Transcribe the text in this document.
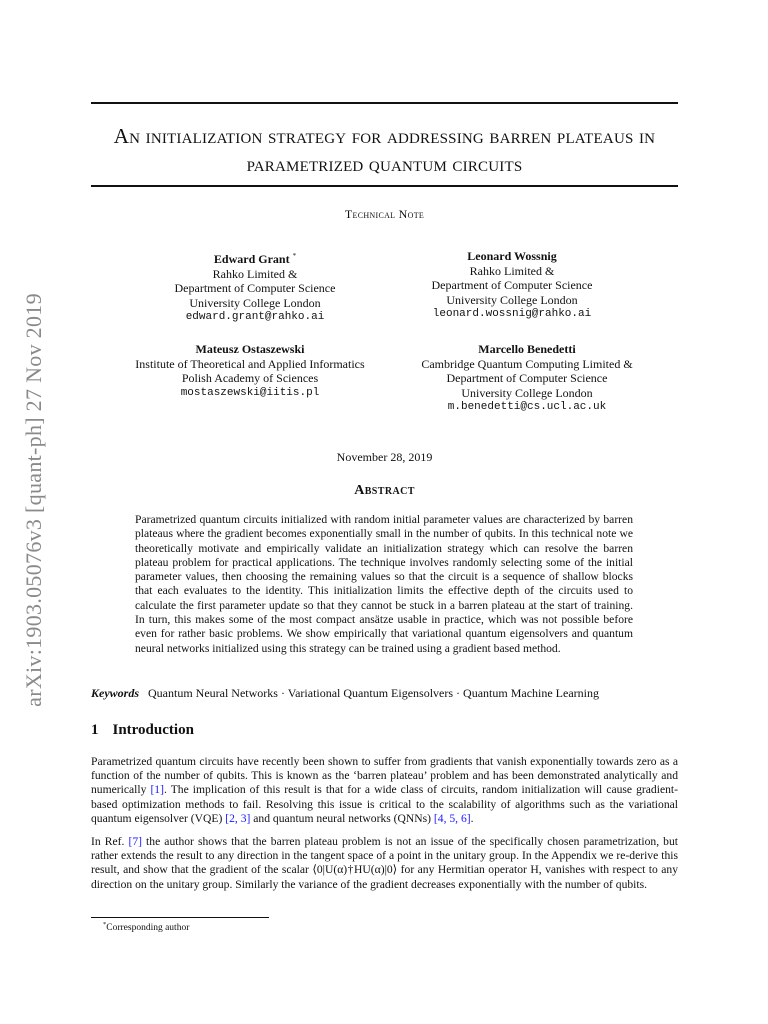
arXiv:1903.05076v3 [quant-ph] 27 Nov 2019
An initialization strategy for addressing barren plateaus in parametrized quantum circuits
Technical Note
Edward Grant *
Rahko Limited &
Department of Computer Science
University College London
edward.grant@rahko.ai
Leonard Wossnig
Rahko Limited &
Department of Computer Science
University College London
leonard.wossnig@rahko.ai
Mateusz Ostaszewski
Institute of Theoretical and Applied Informatics
Polish Academy of Sciences
mostaszewski@iitis.pl
Marcello Benedetti
Cambridge Quantum Computing Limited &
Department of Computer Science
University College London
m.benedetti@cs.ucl.ac.uk
November 28, 2019
Abstract
Parametrized quantum circuits initialized with random initial parameter values are characterized by barren plateaus where the gradient becomes exponentially small in the number of qubits. In this technical note we theoretically motivate and empirically validate an initialization strategy which can resolve the barren plateau problem for practical applications. The technique involves randomly selecting some of the initial parameter values, then choosing the remaining values so that the circuit is a sequence of shallow blocks that each evaluates to the identity. This initialization limits the effective depth of the circuits used to calculate the first parameter update so that they cannot be stuck in a barren plateau at the start of training. In turn, this makes some of the most compact ansätze usable in practice, which was not possible before even for rather basic problems. We show empirically that variational quantum eigensolvers and quantum neural networks initialized using this strategy can be trained using a gradient based method.
Keywords Quantum Neural Networks · Variational Quantum Eigensolvers · Quantum Machine Learning
1 Introduction
Parametrized quantum circuits have recently been shown to suffer from gradients that vanish exponentially towards zero as a function of the number of qubits. This is known as the ‘barren plateau’ problem and has been demonstrated analytically and numerically [1]. The implication of this result is that for a wide class of circuits, random initialization will cause gradient-based optimization methods to fail. Resolving this issue is critical to the scalability of algorithms such as the variational quantum eigensolver (VQE) [2, 3] and quantum neural networks (QNNs) [4, 5, 6].
In Ref. [7] the author shows that the barren plateau problem is not an issue of the specifically chosen parametrization, but rather extends the result to any direction in the tangent space of a point in the unitary group. In the Appendix we re-derive this result, and show that the gradient of the scalar ⟨0|U(α)†HU(α)|0⟩ for any Hermitian operator H, vanishes with respect to any direction on the unitary group. Similarly the variance of the gradient decreases exponentially with the number of qubits.
*Corresponding author
